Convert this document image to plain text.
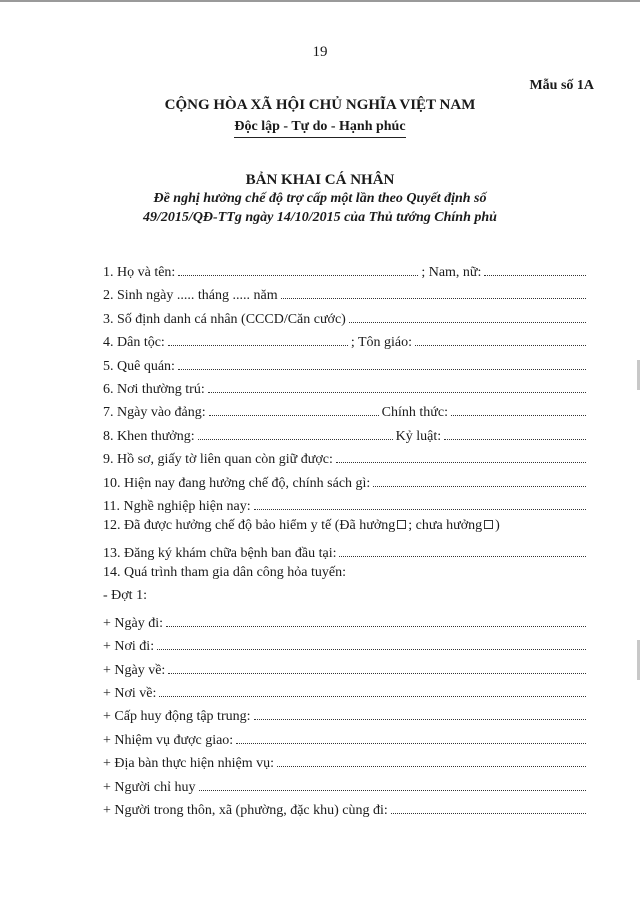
19
Mẫu số 1A
CỘNG HÒA XÃ HỘI CHỦ NGHĨA VIỆT NAM
Độc lập - Tự do - Hạnh phúc
BẢN KHAI CÁ NHÂN
Đề nghị hưởng chế độ trợ cấp một lần theo Quyết định số 49/2015/QĐ-TTg ngày 14/10/2015 của Thủ tướng Chính phủ
1. Họ và tên:	; Nam, nữ:
2. Sinh ngày ..... tháng ..... năm
3. Số định danh cá nhân (CCCD/Căn cước)
4. Dân tộc:	; Tôn giáo:
5. Quê quán:
6. Nơi thường trú:
7. Ngày vào đảng:	Chính thức:
8. Khen thưởng:	Kỷ luật:
9. Hồ sơ, giấy tờ liên quan còn giữ được:
10. Hiện nay đang hưởng chế độ, chính sách gì:
11. Nghề nghiệp hiện nay:
12. Đã được hưởng chế độ bảo hiểm y tế (Đã hưởng ; chưa hưởng )
13. Đăng ký khám chữa bệnh ban đầu tại:
14. Quá trình tham gia dân công hỏa tuyến:
- Đợt 1:
+ Ngày đi:
+ Nơi đi:
+ Ngày về:
+ Nơi về:
+ Cấp huy động tập trung:
+ Nhiệm vụ được giao:
+ Địa bàn thực hiện nhiệm vụ:
+ Người chỉ huy
+ Người trong thôn, xã (phường, đặc khu) cùng đi:
